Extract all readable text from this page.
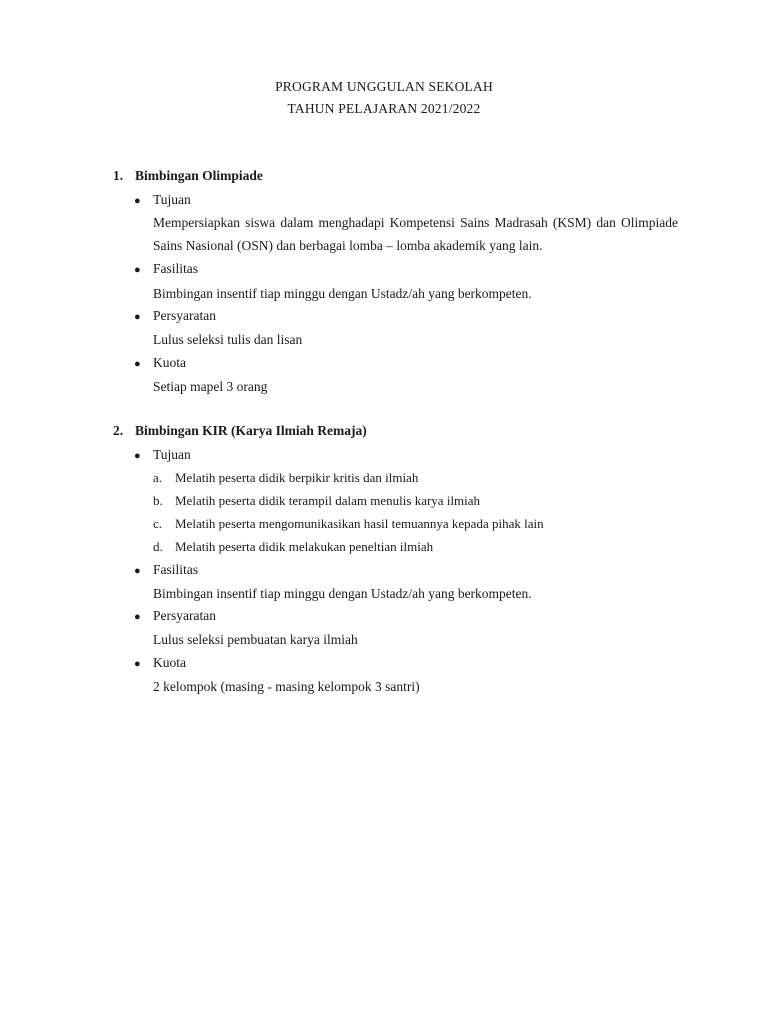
PROGRAM UNGGULAN SEKOLAH
TAHUN PELAJARAN 2021/2022
1. Bimbingan Olimpiade
● Tujuan
Mempersiapkan siswa dalam menghadapi Kompetensi Sains Madrasah (KSM) dan Olimpiade Sains Nasional (OSN) dan berbagai lomba – lomba akademik yang lain.
● Fasilitas
Bimbingan insentif tiap minggu dengan Ustadz/ah yang berkompeten.
● Persyaratan
Lulus seleksi tulis dan lisan
● Kuota
Setiap mapel 3 orang
2. Bimbingan KIR (Karya Ilmiah Remaja)
● Tujuan
a. Melatih peserta didik berpikir kritis dan ilmiah
b. Melatih peserta didik terampil dalam menulis karya ilmiah
c. Melatih peserta mengomunikasikan hasil temuannya kepada pihak lain
d. Melatih peserta didik melakukan peneltian ilmiah
● Fasilitas
Bimbingan insentif tiap minggu dengan Ustadz/ah yang berkompeten.
● Persyaratan
Lulus seleksi pembuatan karya ilmiah
● Kuota
2 kelompok (masing - masing kelompok 3 santri)
